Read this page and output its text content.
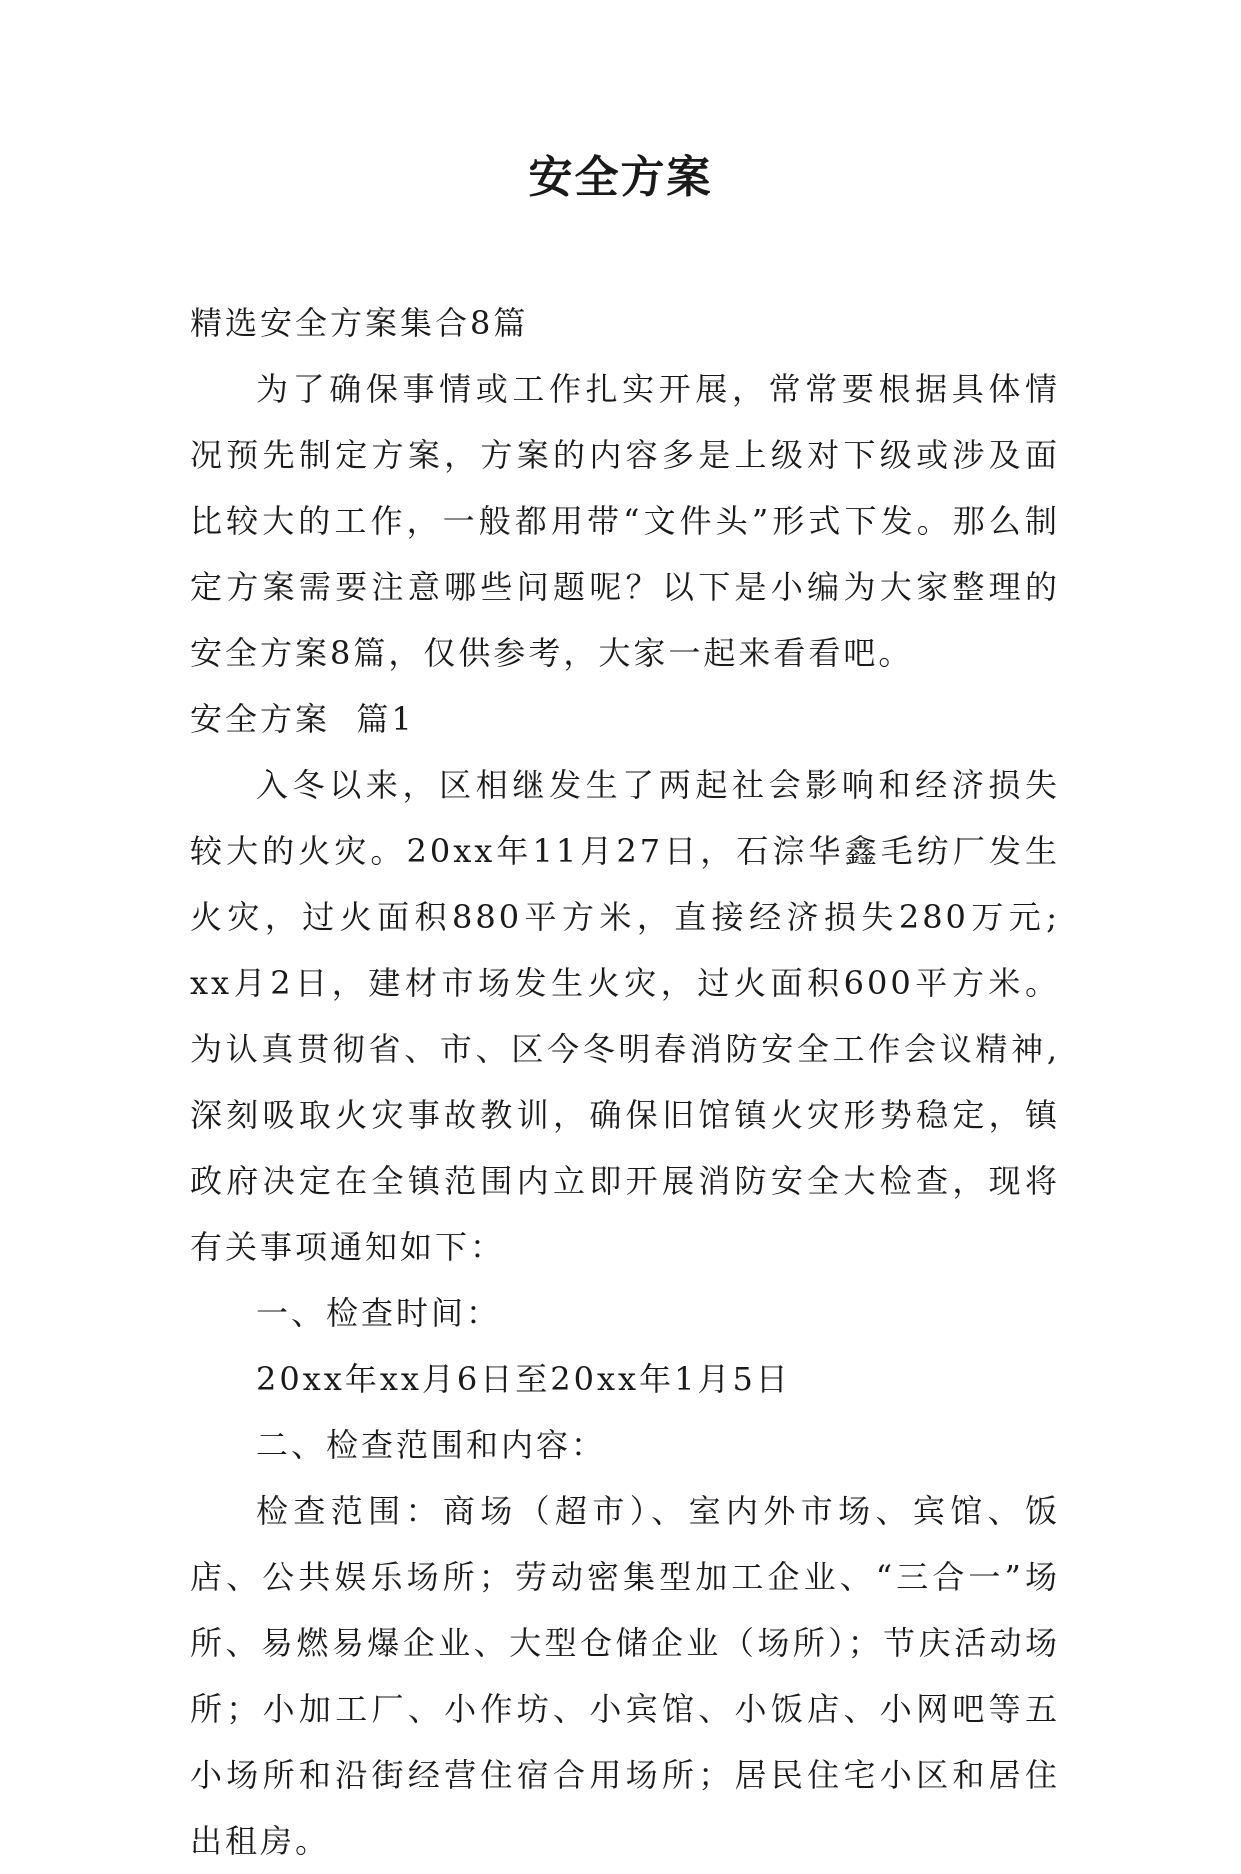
安全方案

精选安全方案集合8篇

为了确保事情或工作扎实开展，常常要根据具体情况预先制定方案，方案的内容多是上级对下级或涉及面比较大的工作，一般都用带“文件头”形式下发。那么制定方案需要注意哪些问题呢？以下是小编为大家整理的安全方案8篇，仅供参考，大家一起来看看吧。

安全方案  篇1

入冬以来，区相继发生了两起社会影响和经济损失较大的火灾。20xx年11月27日，石淙华鑫毛纺厂发生火灾，过火面积880平方米，直接经济损失280万元; xx月2日，建材市场发生火灾，过火面积600平方米。为认真贯彻省、市、区今冬明春消防安全工作会议精神,深刻吸取火灾事故教训，确保旧馆镇火灾形势稳定，镇政府决定在全镇范围内立即开展消防安全大检查，现将有关事项通知如下：

一、检查时间：

20xx年xx月6日至20xx年1月5日

二、检查范围和内容：

检查范围：商场（超市）、室内外市场、宾馆、饭店、公共娱乐场所；劳动密集型加工企业、“三合一”场所、易燃易爆企业、大型仓储企业（场所）；节庆活动场所；小加工厂、小作坊、小宾馆、小饭店、小网吧等五小场所和沿街经营住宿合用场所；居民住宅小区和居住出租房。
